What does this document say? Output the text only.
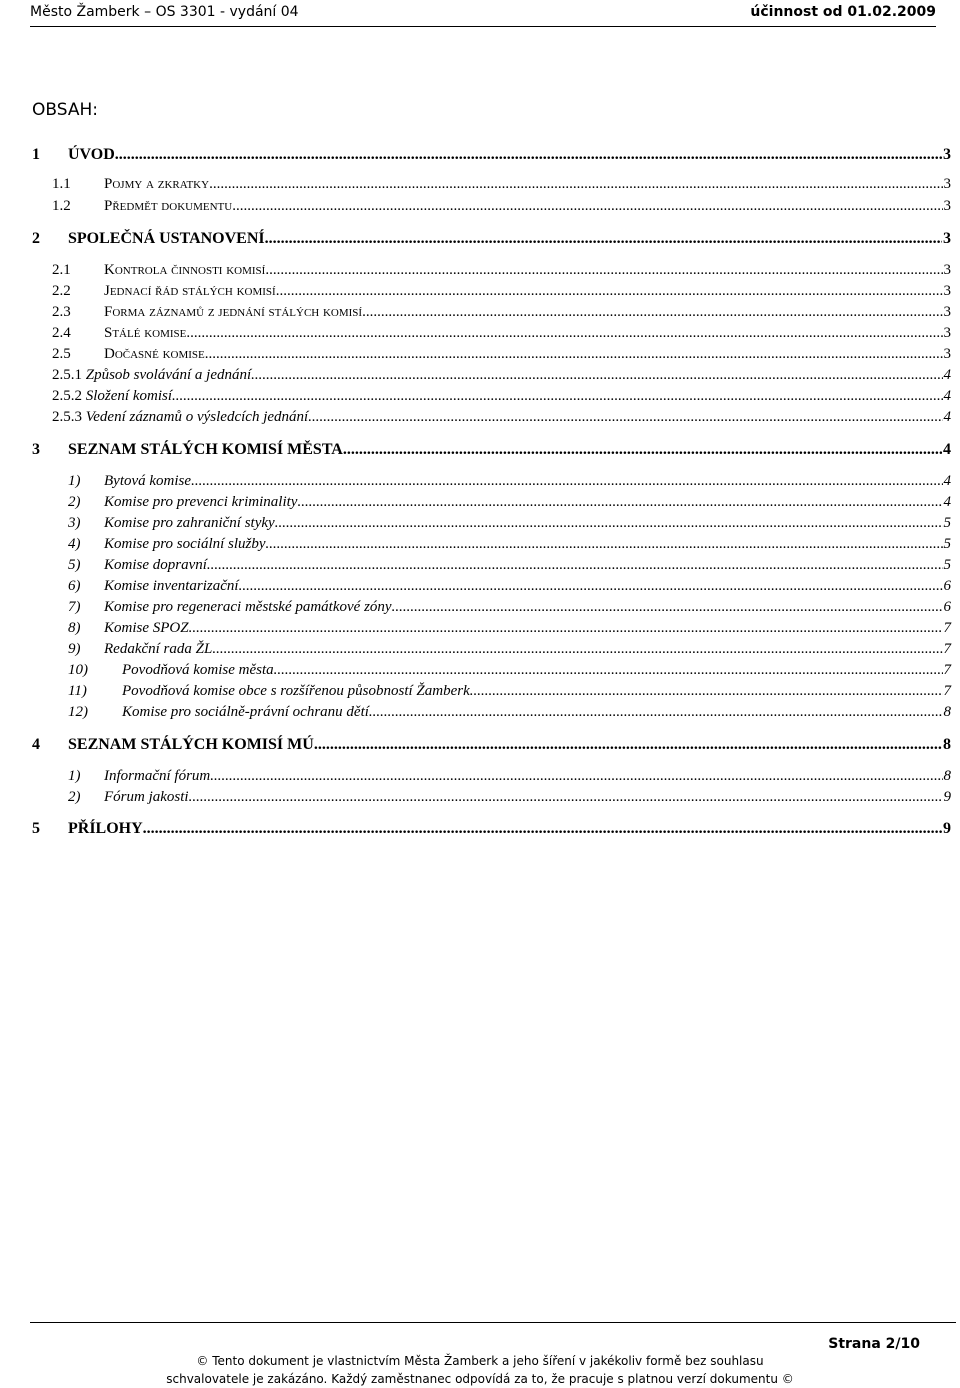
Město Žamberk – OS 3301 - vydání 04	účinnost od 01.02.2009
OBSAH:
1	ÚVOD .....	3
1.1	Pojmy a zkratky .....	3
1.2	Předmět dokumentu .....	3
2	SPOLEČNÁ USTANOVENÍ .....	3
2.1	Kontrola činnosti komisí .....	3
2.2	Jednací řád stálých komisí .....	3
2.3	Forma záznamů z jednání stálých komisí .....	3
2.4	Stálé komise .....	3
2.5	Dočasné komise .....	3
2.5.1 Způsob svolávání a jednání .....	4
2.5.2 Složení komisí .....	4
2.5.3 Vedení záznamů o výsledcích jednání .....	4
3	SEZNAM STÁLÝCH KOMISÍ MĚSTA .....	4
1)	Bytová komise .....	4
2)	Komise pro prevenci kriminality .....	4
3)	Komise pro zahraniční styky .....	5
4)	Komise pro sociální služby .....	5
5)	Komise dopravní .....	5
6)	Komise inventarizační .....	6
7)	Komise pro regeneraci městské památkové zóny .....	6
8)	Komise SPOZ .....	7
9)	Redakční rada ŽL .....	7
10)	Povodňová komise města .....	7
11)	Povodňová komise obce s rozšířenou působností Žamberk .....	7
12)	Komise pro sociálně-právní ochranu dětí .....	8
4	SEZNAM STÁLÝCH KOMISÍ MÚ .....	8
1)	Informační fórum .....	8
2)	Fórum jakosti .....	9
5	PŘÍLOHY .....	9
Strana 2/10
© Tento dokument je vlastnictvím Města Žamberk a jeho šíření v jakékoliv formě bez souhlasu
schvalovatele je zakázáno. Každý zaměstnanec odpovídá za to, že pracuje s platnou verzí dokumentu ©
